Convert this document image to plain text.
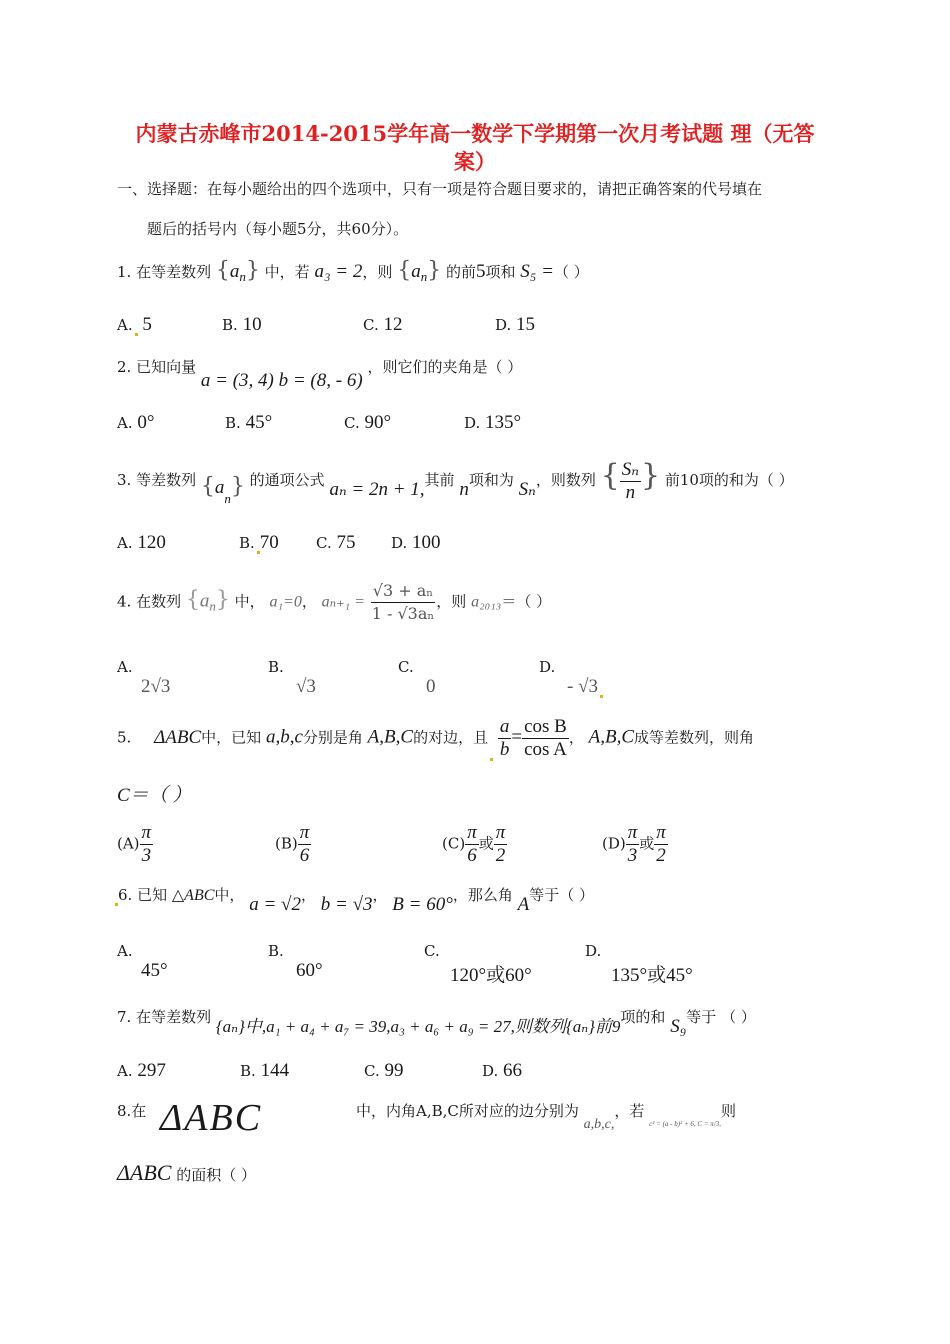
内蒙古赤峰市2014-2015学年高一数学下学期第一次月考试题 理（无答
案）
一、选择题：在每小题给出的四个选项中，只有一项是符合题目要求的，请把正确答案的代号填在
题后的括号内（每小题5分，共60分）。
1. 在等差数列 $\{a_n\}$ 中，若 a₃ = 2，则 $\{a_n\}$ 的前5项和 S₅ =（ ）
A. 5	B. 10	C. 12	D. 15
2. 已知向量 a = (3, 4) b = (8, - 6) ，则它们的夹角是（ ）
A. 0°	B. 45°	C. 90°	D. 135°
3. 等差数列 $\{a_n\}$ 的通项公式 aₙ = 2n + 1,其前 n项和为 Sₙ，则数列 { $\frac{\text{Sₙ}}{n}$ } 前10项的和为（ ）
A. 120	B. 70 C. 75 D. 100
4. 在数列 $\{a_n\}$ 中， a₁=0， $a_{n+1} = \frac{\text{√3 + aₙ}}{\text{1 - √3aₙ}}$ ，则 a₂₀₁₃＝（ ）
A.
2√3
B.
√3
C.
0
D.
- √3
5. ΔABC中，已知 a,b,c分别是角 A,B,C的对边，且 $\frac{a}{b} = \frac{\text{cos B}}{\text{cos A}}$ ， A,B,C成等差数列，则角
C＝（ ）
$(A) \frac{\pi}{3}$	$(B) \frac{\pi}{6}$	$(C) \frac{\pi}{6}$ 或 $\frac{\pi}{2}$	$(D) \frac{\pi}{3}$ 或 $\frac{\pi}{2}$
6. 已知 △ABC中， a = √2， b = √3， B = 60°，那么角 A等于（ ）
A.
45°
B.
60°
C.
120°或60°
D.
135°或45°
7. 在等差数列 {aₙ}中,a₁ + a₄ + a₇ = 39,a₃ + a₆ + a₉ = 27,则数列{aₙ}前9项的和 S₉等于 （ ）
A. 297	B. 144	C. 99	D. 66
8.在 ΔABC	中，内角A,B,C所对应的边分别为 a,b,c,，若 $_{c^2 = (a - b)^2 + 6, C = \pi/3,}$则
ΔABC 的面积（ ）
